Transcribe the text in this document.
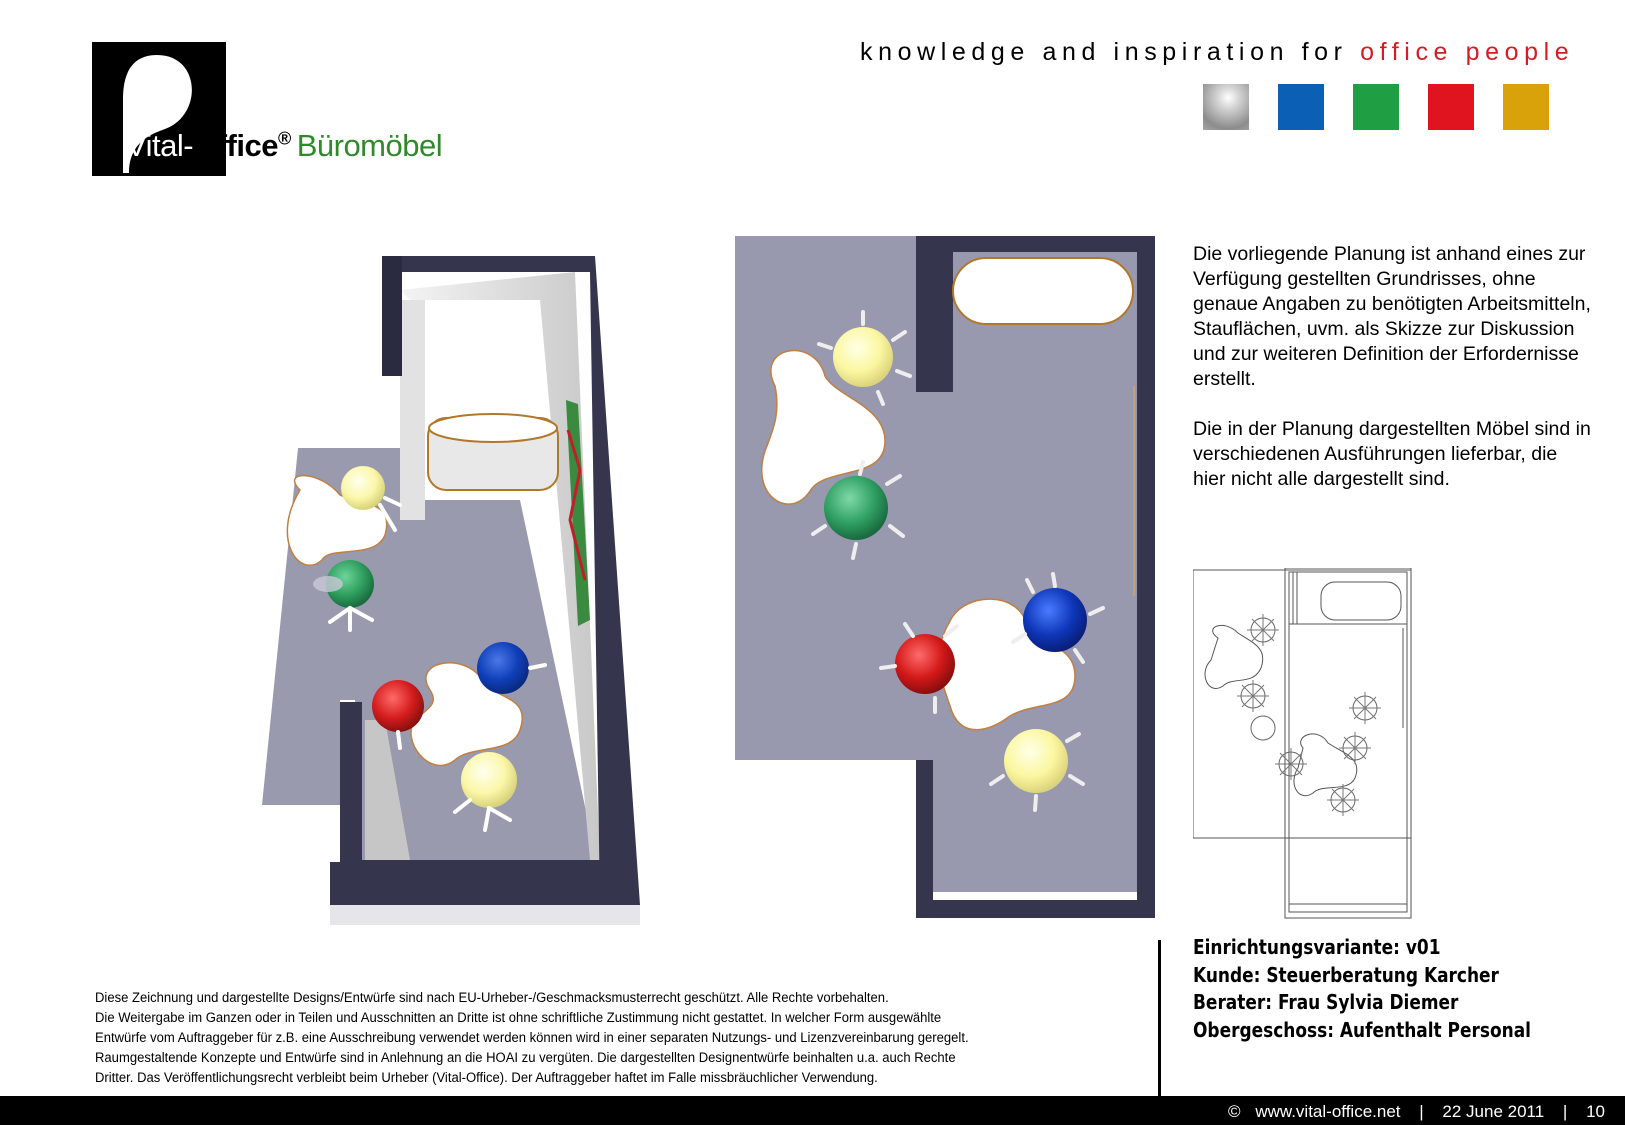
Vital-Office® Büromöbel
knowledge and inspiration for office people

Die vorliegende Planung ist anhand eines zur Verfügung gestellten Grundrisses, ohne genaue Angaben zu benötigten Arbeitsmitteln, Stauflächen, uvm. als Skizze zur Diskussion und zur weiteren Definition der Erfordernisse erstellt.

Die in der Planung dargestellten Möbel sind in verschiedenen Ausführungen lieferbar, die hier nicht alle dargestellt sind.

Einrichtungsvariante: v01
Kunde: Steuerberatung Karcher
Berater: Frau Sylvia Diemer
Obergeschoss: Aufenthalt Personal
Diese Zeichnung und dargestellte Designs/Entwürfe sind nach EU-Urheber-/Geschmacksmusterrecht geschützt. Alle Rechte vorbehalten.
Die Weitergabe im Ganzen oder in Teilen und Ausschnitten an Dritte ist ohne schriftliche Zustimmung nicht gestattet. In welcher Form ausgewählte
Entwürfe vom Auftraggeber für z.B. eine Ausschreibung verwendet werden können wird in einer separaten Nutzungs- und Lizenzvereinbarung geregelt.
Raumgestaltende Konzepte und Entwürfe sind in Anlehnung an die HOAI zu vergüten. Die dargestellten Designentwürfe beinhalten u.a. auch Rechte
Dritter. Das Veröffentlichungsrecht verbleibt beim Urheber (Vital-Office). Der Auftraggeber haftet im Falle missbräuchlicher Verwendung.
© www.vital-office.net | 22 June 2011 | 10
